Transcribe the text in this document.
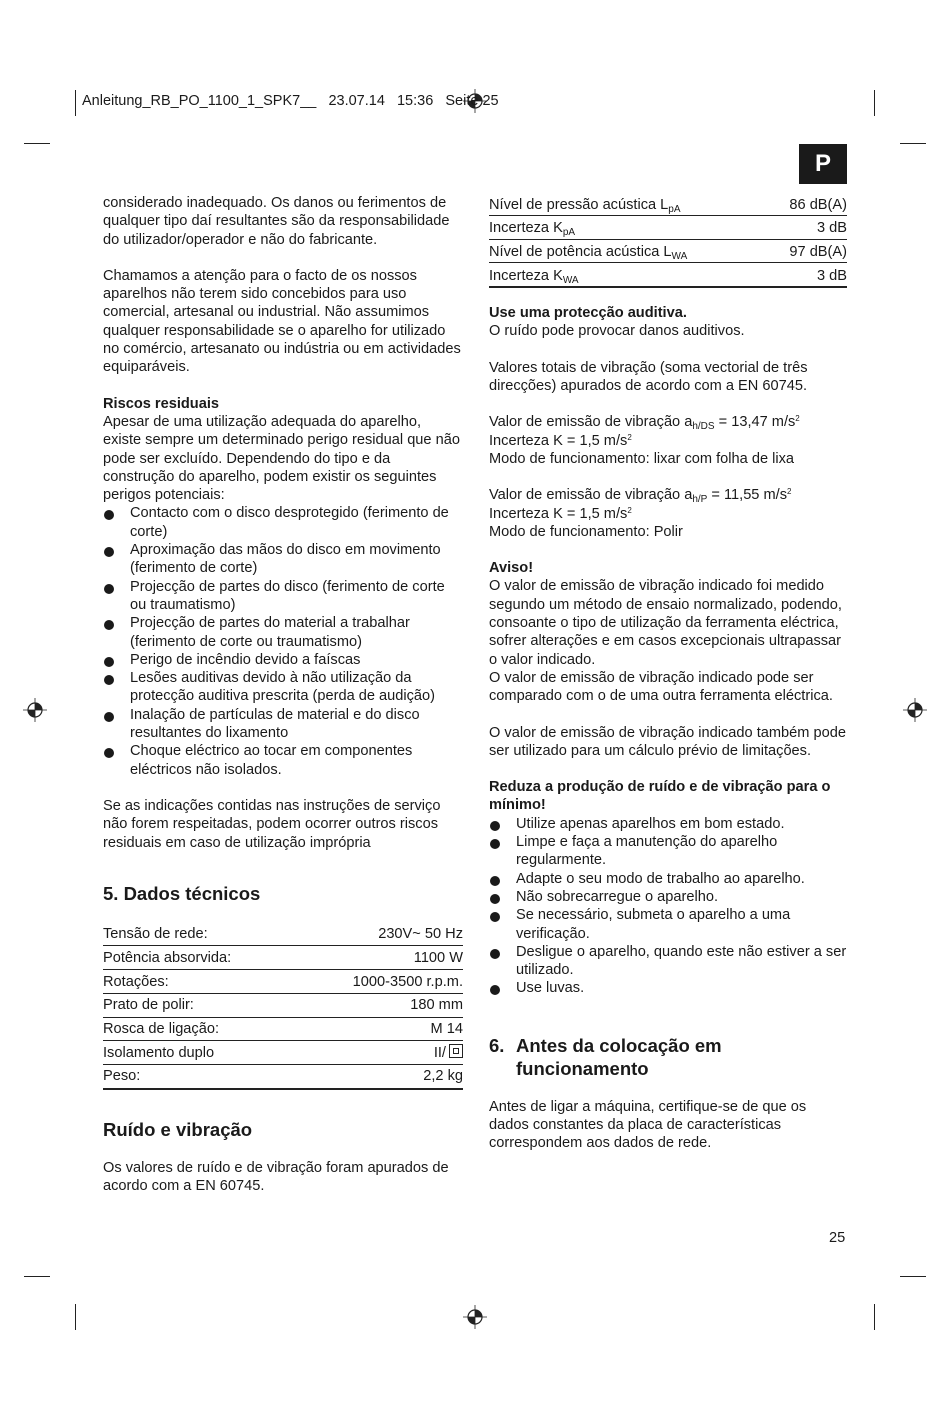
Anleitung_RB_PO_1100_1_SPK7__ 23.07.14 15:36 Seite 25
P

considerado inadequado. Os danos ou ferimentos de qualquer tipo daí resultantes são da responsabilidade do utilizador/operador e não do fabricante.

Chamamos a atenção para o facto de os nossos aparelhos não terem sido concebidos para uso comercial, artesanal ou industrial. Não assumimos qualquer responsabilidade se o aparelho for utilizado no comércio, artesanato ou indústria ou em actividades equiparáveis.

Riscos residuais

Apesar de uma utilização adequada do aparelho, existe sempre um determinado perigo residual que não pode ser excluído. Dependendo do tipo e da construção do aparelho, podem existir os seguintes perigos potenciais:

Contacto com o disco desprotegido (ferimento de corte)
Aproximação das mãos do disco em movimento (ferimento de corte)
Projecção de partes do disco (ferimento de corte ou traumatismo)
Projecção de partes do material a trabalhar (ferimento de corte ou traumatismo)
Perigo de incêndio devido a faíscas
Lesões auditivas devido à não utilização da protecção auditiva prescrita (perda de audição)
Inalação de partículas de material e do disco resultantes do lixamento
Choque eléctrico ao tocar em componentes eléctricos não isolados.

Se as indicações contidas nas instruções de serviço não forem respeitadas, podem ocorrer outros riscos residuais em caso de utilização imprópria

5. Dados técnicos
Tensão de rede:	230V~ 50 Hz
Potência absorvida:	1100 W
Rotações:	1000-3500 r.p.m.
Prato de polir:	180 mm
Rosca de ligação:	M 14
Isolamento duplo	II/
Peso:	2,2 kg
Ruído e vibração

Os valores de ruído e de vibração foram apurados de acordo com a EN 60745.

Nível de pressão acústica $L_{pA}$	86 dB(A)
Incerteza $K_{pA}$	3 dB
Nível de potência acústica $L_{WA}$	97 dB(A)
Incerteza $K_{WA}$	3 dB

Use uma protecção auditiva.

O ruído pode provocar danos auditivos.

Valores totais de vibração (soma vectorial de três direcções) apurados de acordo com a EN 60745.

Valor de emissão de vibração $a_{h/DS} = 13,47$ $m/s^2$

Incerteza K = 1,5 $m/s^2$

Modo de funcionamento: lixar com folha de lixa

Valor de emissão de vibração $a_{h/P} = 11,55$ $m/s^2$

Incerteza K = 1,5 $m/s^2$

Modo de funcionamento: Polir

Aviso!

O valor de emissão de vibração indicado foi medido segundo um método de ensaio normalizado, podendo, consoante o tipo de utilização da ferramenta eléctrica, sofrer alterações e em casos excepcionais ultrapassar o valor indicado.

O valor de emissão de vibração indicado pode ser comparado com o de uma outra ferramenta eléctrica.

O valor de emissão de vibração indicado também pode ser utilizado para um cálculo prévio de limitações.

Reduza a produção de ruído e de vibração para o mínimo!

Utilize apenas aparelhos em bom estado.
Limpe e faça a manutenção do aparelho regularmente.
Adapte o seu modo de trabalho ao aparelho.
Não sobrecarregue o aparelho.
Se necessário, submeta o aparelho a uma verificação.
Desligue o aparelho, quando este não estiver a ser utilizado.
Use luvas.
6. Antes da colocação em funcionamento

Antes de ligar a máquina, certifique-se de que os dados constantes da placa de características correspondem aos dados de rede.

25
